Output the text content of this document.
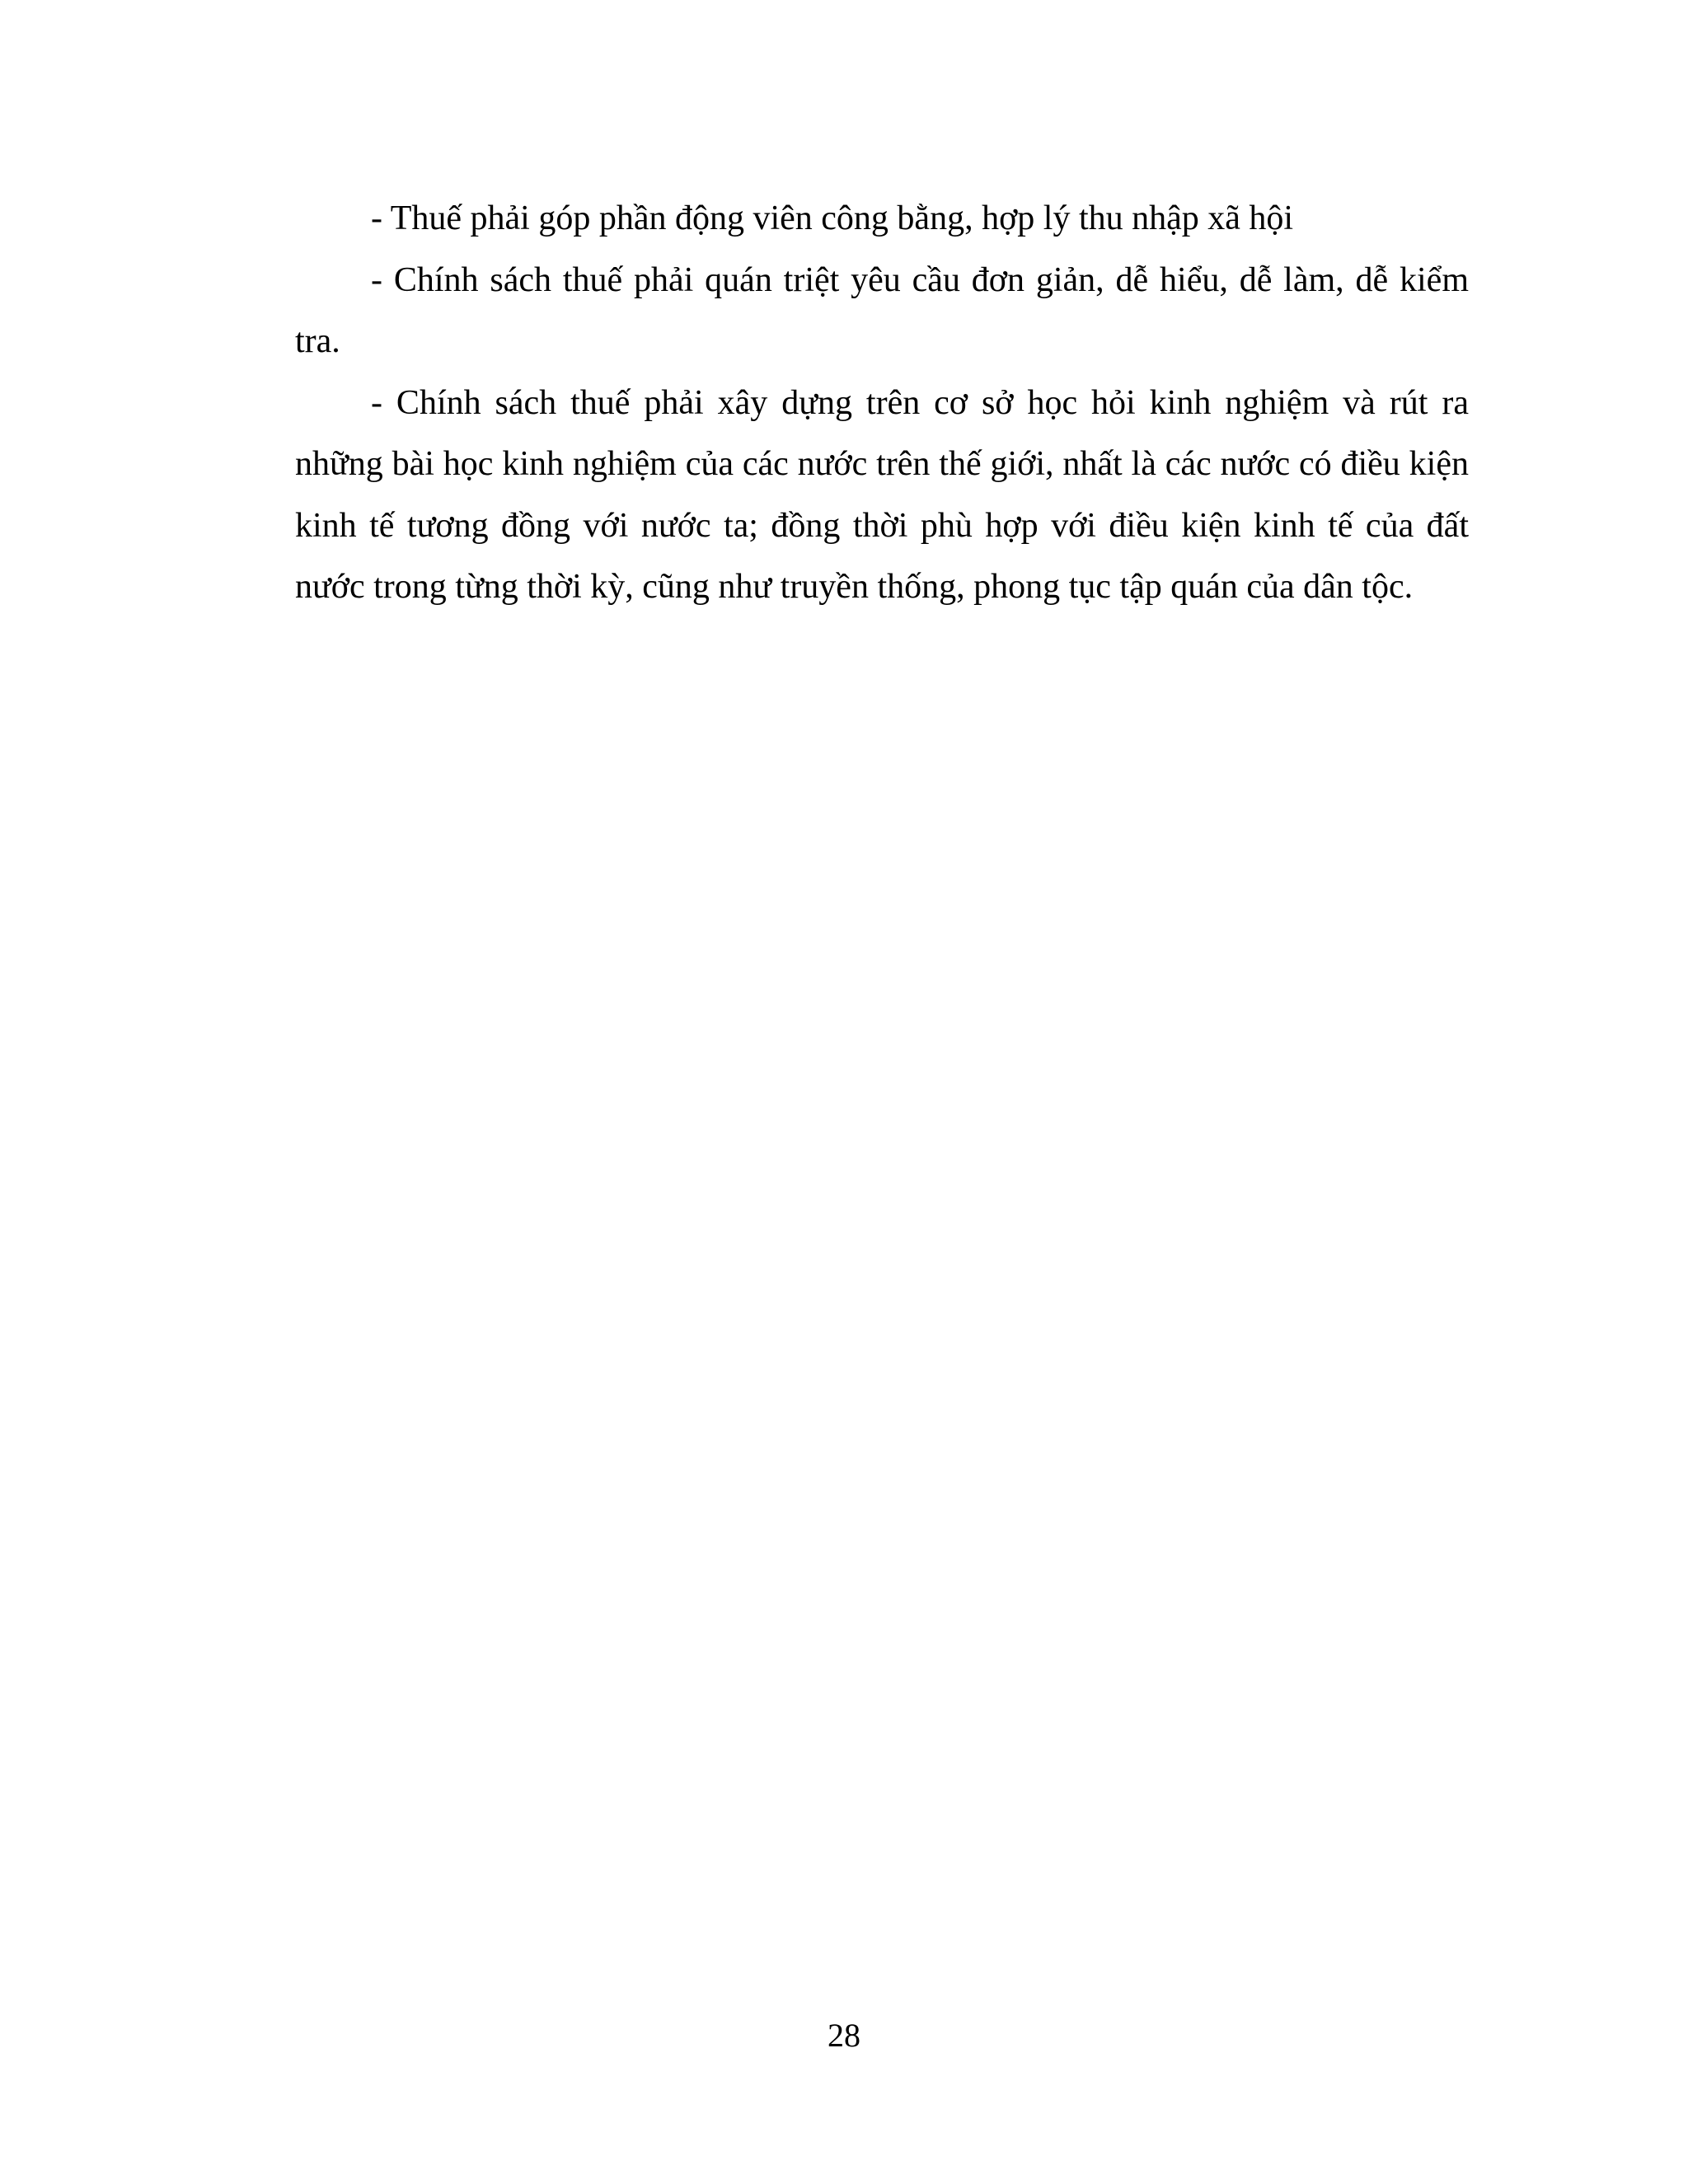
- Thuế phải góp phần động viên công bằng, hợp lý thu nhập xã hội

- Chính sách thuế phải quán triệt yêu cầu đơn giản, dễ hiểu, dễ làm, dễ kiểm tra.

- Chính sách thuế phải xây dựng trên cơ sở học hỏi kinh nghiệm và rút ra những bài học kinh nghiệm của các nước trên thế giới, nhất là các nước có điều kiện kinh tế tương đồng với nước ta; đồng thời phù hợp với điều kiện kinh tế của đất nước trong từng thời kỳ, cũng như truyền thống, phong tục tập quán của dân tộc.

28
